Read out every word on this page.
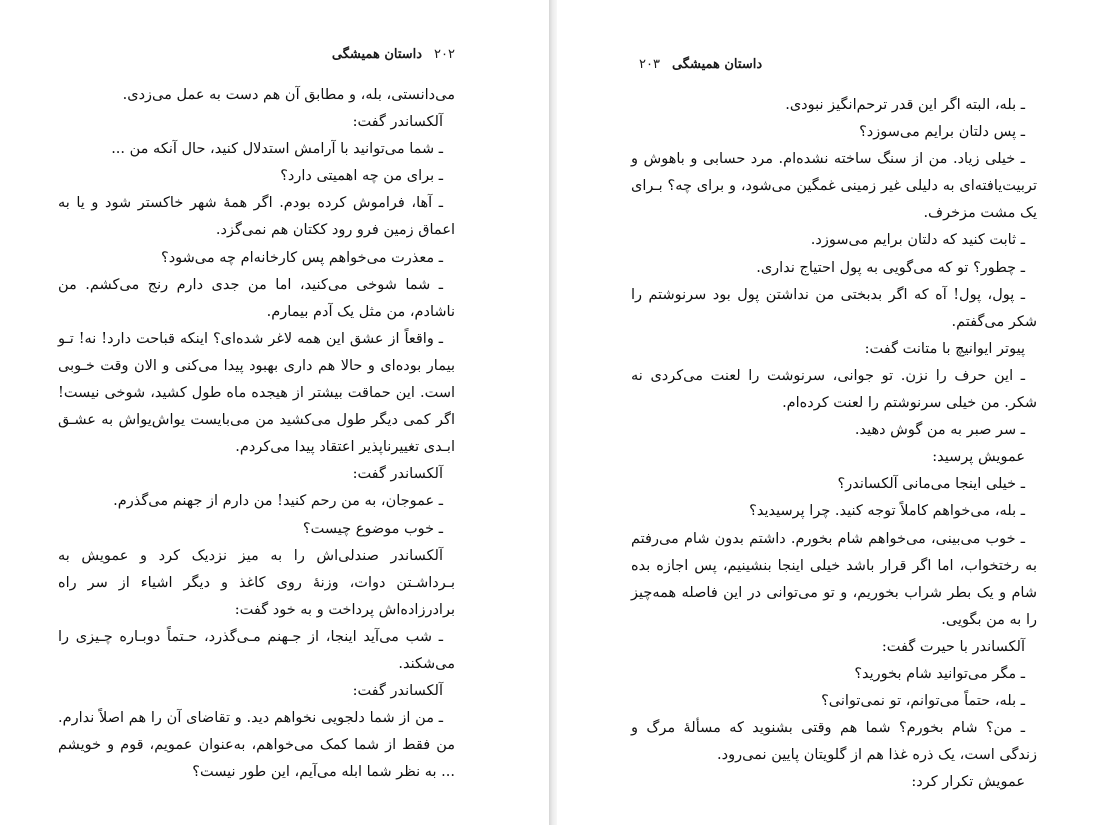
۲۰۲
داستان همیشگی

می‌دانستی، بله، و مطابق آن هم دست به عمل می‌زدی.

آلکساندر گفت:

ـ شما می‌توانید با آرامش استدلال کنید، حال آنکه من ...

ـ برای من چه اهمیتی دارد؟

ـ آها، فراموش کرده بودم. اگر همهٔ شهر خاکستر شود و یا به اعماق زمین فرو رود ککتان هم نمی‌گزد.

ـ معذرت می‌خواهم پس کارخانه‌ام چه می‌شود؟

ـ شما شوخی می‌کنید، اما من جدی دارم رنج می‌کشم. من ناشادم، من مثل یک آدم بیمارم.

ـ واقعاً از عشق این همه لاغر شده‌ای؟ اینکه قباحت دارد! نه! تـو بیمار بوده‌ای و حالا هم داری بهبود پیدا می‌کنی و الان وقت خـوبی است. این حماقت بیشتر از هیجده ماه طول کشید، شوخی نیست! اگر کمی دیگر طول می‌کشید من می‌بایست یواش‌یواش به عشـق ابـدی تغییرناپذیر اعتقاد پیدا می‌کردم.

آلکساندر گفت:

ـ عموجان، به من رحم کنید! من دارم از جهنم می‌گذرم.

ـ خوب موضوع چیست؟

آلکساندر صندلی‌اش را به میز نزدیک کرد و عمویش به بـرداشـتن دوات، وزنهٔ روی کاغذ و دیگر اشیاء از سر راه برادرزاده‌اش پرداخت و به خود گفت:

ـ شب می‌آید اینجا، از جـهنم مـی‌گذرد، حـتماً دوبـاره چـیزی را می‌شکند.

آلکساندر گفت:

ـ من از شما دلجویی نخواهم دید. و تقاضای آن را هم اصلاً ندارم. من فقط از شما کمک می‌خواهم، به‌عنوان عمویم، قوم و خویشم ... به نظر شما ابله می‌آیم، این طور نیست؟

۲۰۳ داستان همیشگی

ـ بله، البته اگر این قدر ترحم‌انگیز نبودی.

ـ پس دلتان برایم می‌سوزد؟

ـ خیلی زیاد. من از سنگ ساخته نشده‌ام. مرد حسابی و باهوش و تربیت‌یافته‌ای به دلیلی غیر زمینی غمگین می‌شود، و برای چه؟ بـرای یک مشت مزخرف.

ـ ثابت کنید که دلتان برایم می‌سوزد.

ـ چطور؟ تو که می‌گویی به پول احتیاج نداری.

ـ پول، پول! آه که اگر بدبختی من نداشتن پول بود سرنوشتم را شکر می‌گفتم.

پیوتر ایوانیچ با متانت گفت:

ـ این حرف را نزن. تو جوانی، سرنوشت را لعنت می‌کردی نه شکر. من خیلی سرنوشتم را لعنت کرده‌ام.

ـ سر صبر به من گوش دهید.

عمویش پرسید:

ـ خیلی اینجا می‌مانی آلکساندر؟

ـ بله، می‌خواهم کاملاً توجه کنید. چرا پرسیدید؟

ـ خوب می‌بینی، می‌خواهم شام بخورم. داشتم بدون شام می‌رفتم به رختخواب، اما اگر قرار باشد خیلی اینجا بنشینیم، پس اجازه بده شام و یک بطر شراب بخوریم، و تو می‌توانی در این فاصله همه‌چیز را به من بگویی.

آلکساندر با حیرت گفت:

ـ مگر می‌توانید شام بخورید؟

ـ بله، حتماً می‌توانم، تو نمی‌توانی؟

ـ من؟ شام بخورم؟ شما هم وقتی بشنوید که مسألهٔ مرگ و زندگی است، یک ذره غذا هم از گلویتان پایین نمی‌رود.

عمویش تکرار کرد:
